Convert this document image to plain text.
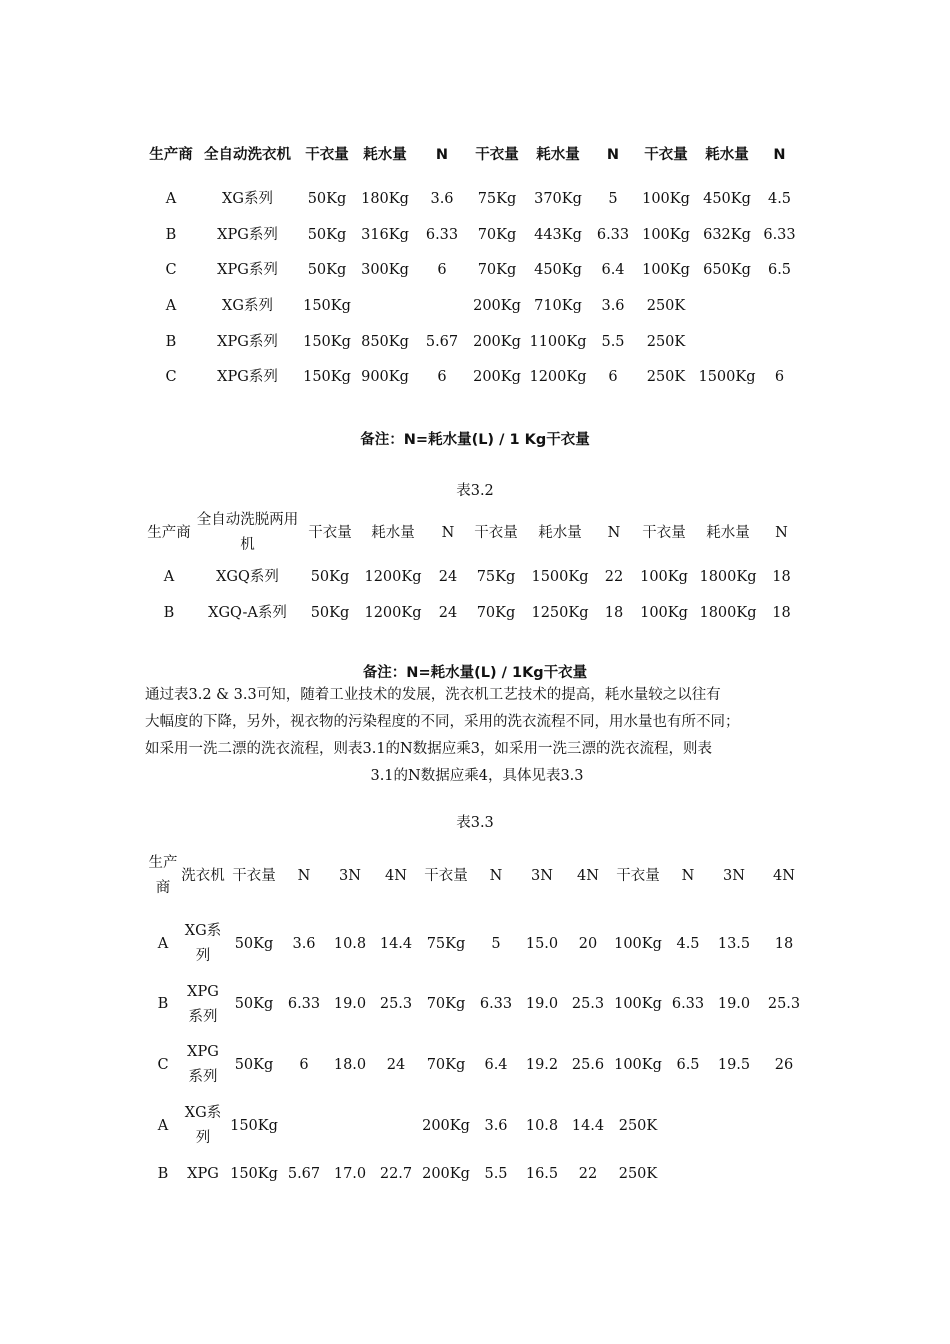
生产商	全自动洗衣机	干衣量	耗水量	N	干衣量	耗水量	N	干衣量	耗水量	N
A	XG系列	50Kg	180Kg	3.6	75Kg	370Kg	5	100Kg	450Kg	4.5
B	XPG系列	50Kg	316Kg	6.33	70Kg	443Kg	6.33	100Kg	632Kg	6.33
C	XPG系列	50Kg	300Kg	6	70Kg	450Kg	6.4	100Kg	650Kg	6.5
A	XG系列	150Kg			200Kg	710Kg	3.6	250K		
B	XPG系列	150Kg	850Kg	5.67	200Kg	1100Kg	5.5	250K		
C	XPG系列	150Kg	900Kg	6	200Kg	1200Kg	6	250K	1500Kg	6
备注：N=耗水量(L) / 1 Kg干衣量
表3.2
生产商	全自动洗脱两用机	干衣量	耗水量	N	干衣量	耗水量	N	干衣量	耗水量	N
A	XGQ系列	50Kg	1200Kg	24	75Kg	1500Kg	22	100Kg	1800Kg	18
B	XGQ-A系列	50Kg	1200Kg	24	70Kg	1250Kg	18	100Kg	1800Kg	18
备注：N=耗水量(L) / 1Kg干衣量
通过表3.2 & 3.3可知，随着工业技术的发展，洗衣机工艺技术的提高，耗水量较之以往有
大幅度的下降，另外，视衣物的污染程度的不同，采用的洗衣流程不同，用水量也有所不同；
如采用一洗二漂的洗衣流程，则表3.1的N数据应乘3，如采用一洗三漂的洗衣流程，则表

3.1的N数据应乘4，具体见表3.3
表3.3
生产商	洗衣机	干衣量	N	3N	4N	干衣量	N	3N	4N	干衣量	N	3N	4N
A	XG系列	50Kg	3.6	10.8	14.4	75Kg	5	15.0	20	100Kg	4.5	13.5	18
B	XPG系列	50Kg	6.33	19.0	25.3	70Kg	6.33	19.0	25.3	100Kg	6.33	19.0	25.3
C	XPG系列	50Kg	6	18.0	24	70Kg	6.4	19.2	25.6	100Kg	6.5	19.5	26
A	XG系列	150Kg				200Kg	3.6	10.8	14.4	250K			
B	XPG	150Kg	5.67	17.0	22.7	200Kg	5.5	16.5	22	250K			
